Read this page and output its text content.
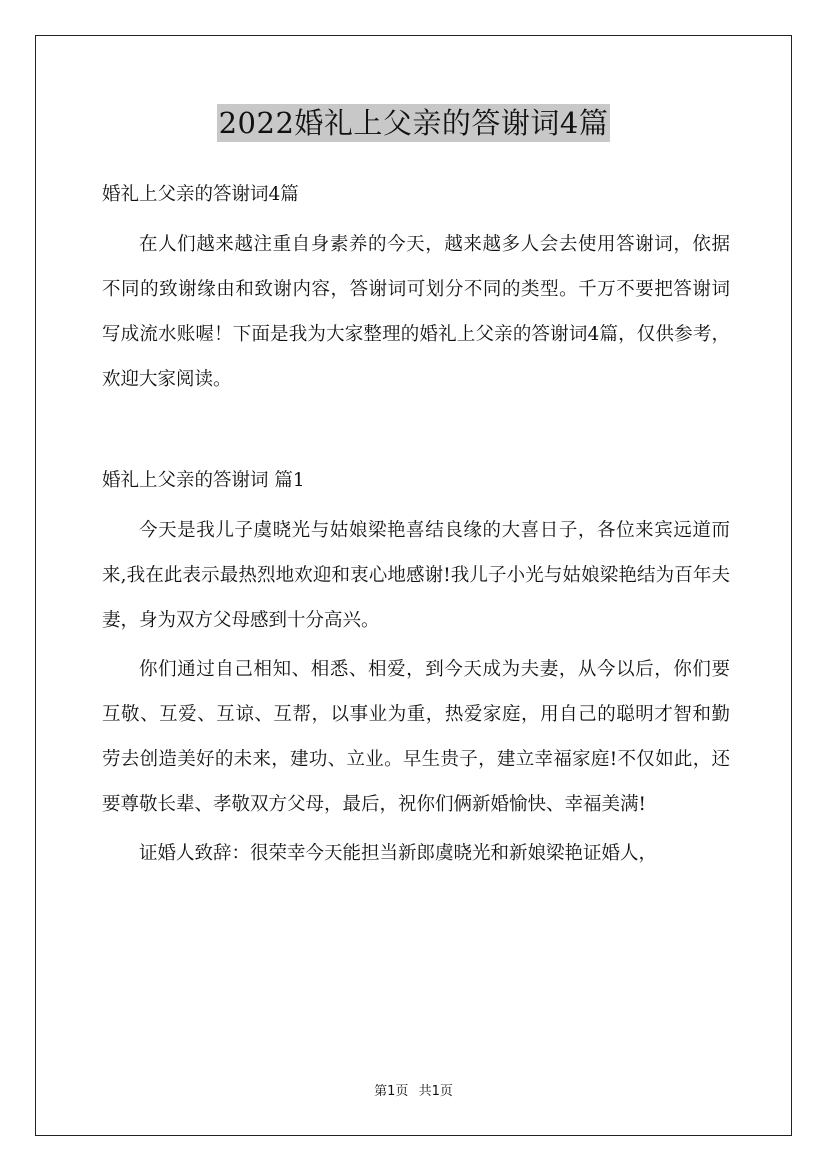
2022婚礼上父亲的答谢词4篇

婚礼上父亲的答谢词4篇

在人们越来越注重自身素养的今天，越来越多人会去使用答谢词，依据不同的致谢缘由和致谢内容，答谢词可划分不同的类型。千万不要把答谢词写成流水账喔！下面是我为大家整理的婚礼上父亲的答谢词4篇，仅供参考，欢迎大家阅读。

婚礼上父亲的答谢词 篇1

今天是我儿子虞晓光与姑娘梁艳喜结良缘的大喜日子，各位来宾远道而来,我在此表示最热烈地欢迎和衷心地感谢!我儿子小光与姑娘梁艳结为百年夫妻，身为双方父母感到十分高兴。

你们通过自己相知、相悉、相爱，到今天成为夫妻，从今以后，你们要互敬、互爱、互谅、互帮，以事业为重，热爱家庭，用自己的聪明才智和勤劳去创造美好的未来，建功、立业。早生贵子，建立幸福家庭!不仅如此，还要尊敬长辈、孝敬双方父母，最后，祝你们俩新婚愉快、幸福美满!

证婚人致辞：很荣幸今天能担当新郎虞晓光和新娘梁艳证婚人，

第1页 共1页
